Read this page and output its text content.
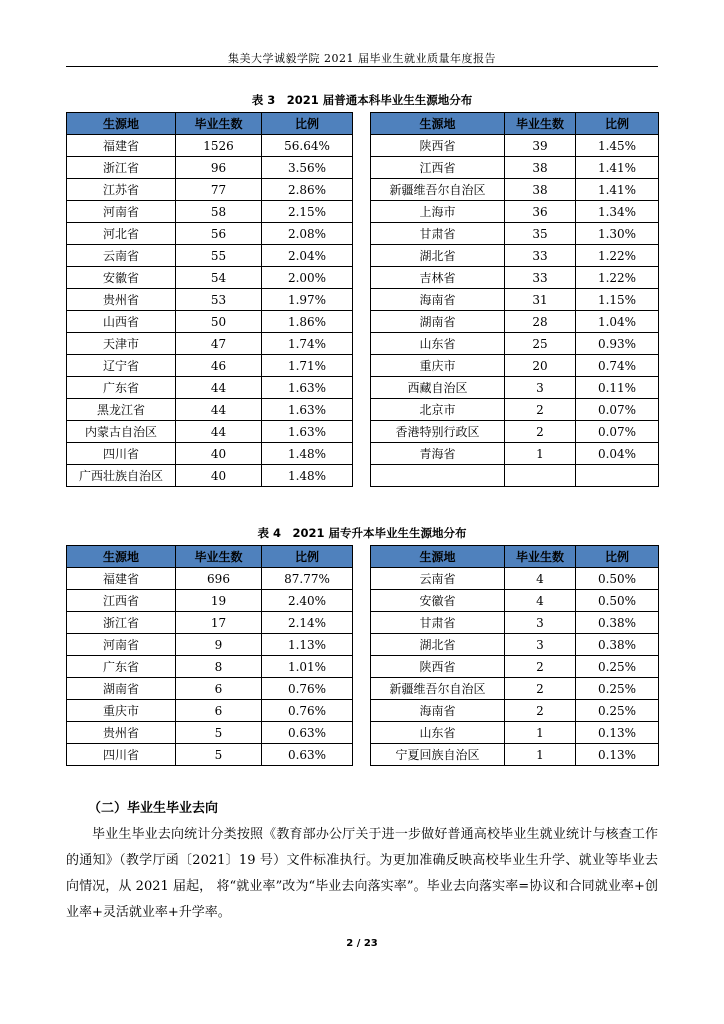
集美大学诚毅学院 2021 届毕业生就业质量年度报告
表 3　2021 届普通本科毕业生生源地分布
生源地	毕业生数	比例		生源地	毕业生数	比例
福建省	1526	56.64%		陕西省	39	1.45%
浙江省	96	3.56%		江西省	38	1.41%
江苏省	77	2.86%		新疆维吾尔自治区	38	1.41%
河南省	58	2.15%		上海市	36	1.34%
河北省	56	2.08%		甘肃省	35	1.30%
云南省	55	2.04%		湖北省	33	1.22%
安徽省	54	2.00%		吉林省	33	1.22%
贵州省	53	1.97%		海南省	31	1.15%
山西省	50	1.86%		湖南省	28	1.04%
天津市	47	1.74%		山东省	25	0.93%
辽宁省	46	1.71%		重庆市	20	0.74%
广东省	44	1.63%		西藏自治区	3	0.11%
黑龙江省	44	1.63%		北京市	2	0.07%
内蒙古自治区	44	1.63%		香港特别行政区	2	0.07%
四川省	40	1.48%		青海省	1	0.04%
广西壮族自治区	40	1.48%				
表 4　2021 届专升本毕业生生源地分布
生源地	毕业生数	比例		生源地	毕业生数	比例
福建省	696	87.77%		云南省	4	0.50%
江西省	19	2.40%		安徽省	4	0.50%
浙江省	17	2.14%		甘肃省	3	0.38%
河南省	9	1.13%		湖北省	3	0.38%
广东省	8	1.01%		陕西省	2	0.25%
湖南省	6	0.76%		新疆维吾尔自治区	2	0.25%
重庆市	6	0.76%		海南省	2	0.25%
贵州省	5	0.63%		山东省	1	0.13%
四川省	5	0.63%		宁夏回族自治区	1	0.13%
（二）毕业生毕业去向
毕业生毕业去向统计分类按照《教育部办公厅关于进一步做好普通高校毕业生就业统计与核查工作的通知》（教学厅函〔2021〕19 号）文件标准执行。为更加准确反映高校毕业生升学、就业等毕业去向情况，从 2021 届起， 将“就业率”改为“毕业去向落实率”。毕业去向落实率=协议和合同就业率+创业率+灵活就业率+升学率。
2 / 23
